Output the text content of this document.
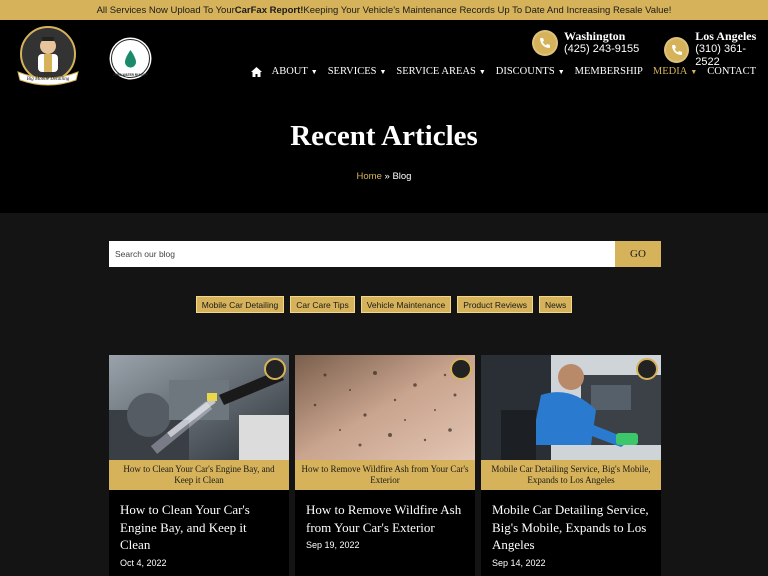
All Services Now Upload To Your CarFax Report! Keeping Your Vehicle's Maintenance Records Up To Date And Increasing Resale Value!
Big Mobile Detailing
ZERO WATER RUNOFF
Washington
(425) 243-9155
Los Angeles
(310) 361-2522
ABOUT ▼ SERVICES ▼ SERVICE AREAS ▼ DISCOUNTS ▼ MEMBERSHIP MEDIA ▼ CONTACT
Recent Articles
Home » Blog
Search our blog
GO
Mobile Car Detailing	Car Care Tips	Vehicle Maintenance	Product Reviews	News
How to Clean Your Car's Engine Bay, and Keep it Clean
How to Clean Your Car's Engine Bay, and Keep it Clean
Oct 4, 2022
How to Remove Wildfire Ash from Your Car's Exterior
How to Remove Wildfire Ash from Your Car's Exterior
Sep 19, 2022
Mobile Car Detailing Service, Big's Mobile, Expands to Los Angeles
Mobile Car Detailing Service, Big's Mobile, Expands to Los Angeles
Sep 14, 2022
